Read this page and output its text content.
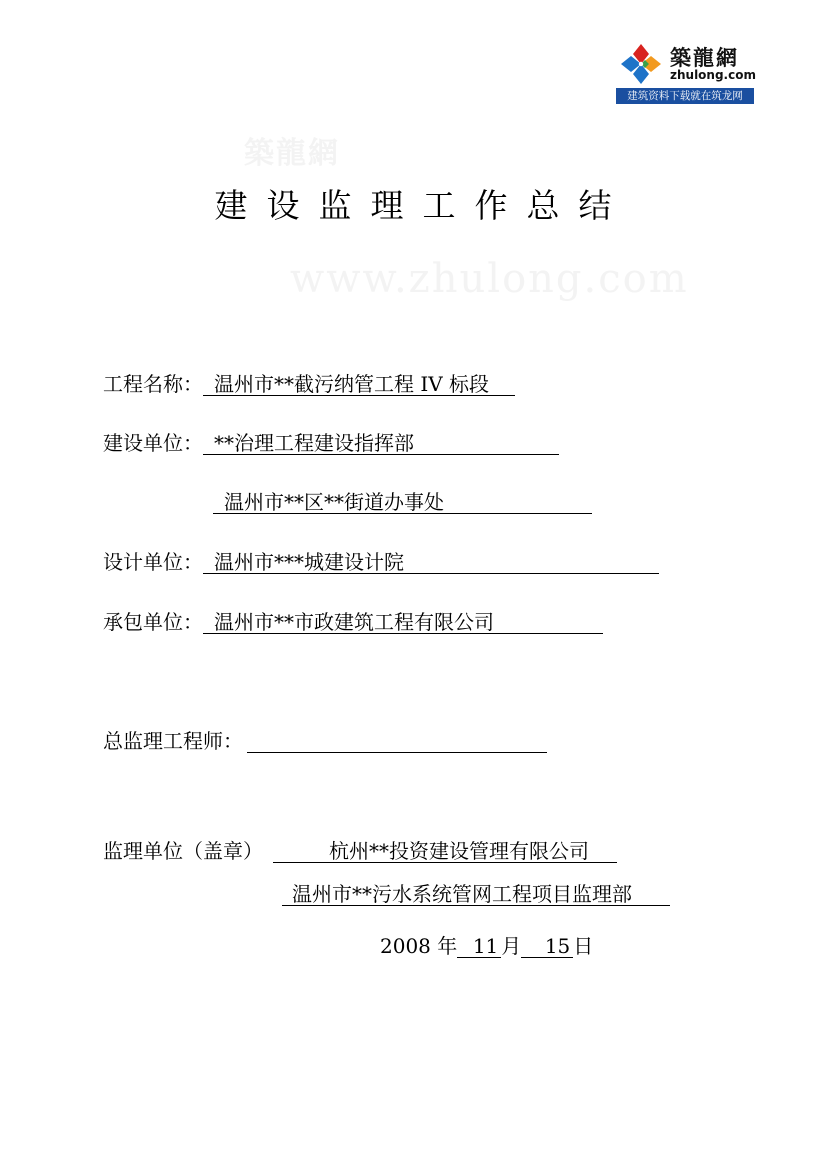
築龍網
zhulong.com
建筑资料下载就在筑龙网
築龍網
www.zhulong.com
建设监理工作总结
工程名称： 温州市**截污纳管工程 IV 标段
建设单位： **治理工程建设指挥部
温州市**区**街道办事处
设计单位： 温州市***城建设计院
承包单位： 温州市**市政建筑工程有限公司
总监理工程师：
监理单位（盖章）	杭州**投资建设管理有限公司
温州市**污水系统管网工程项目监理部
2008 年 11 月 15 日
